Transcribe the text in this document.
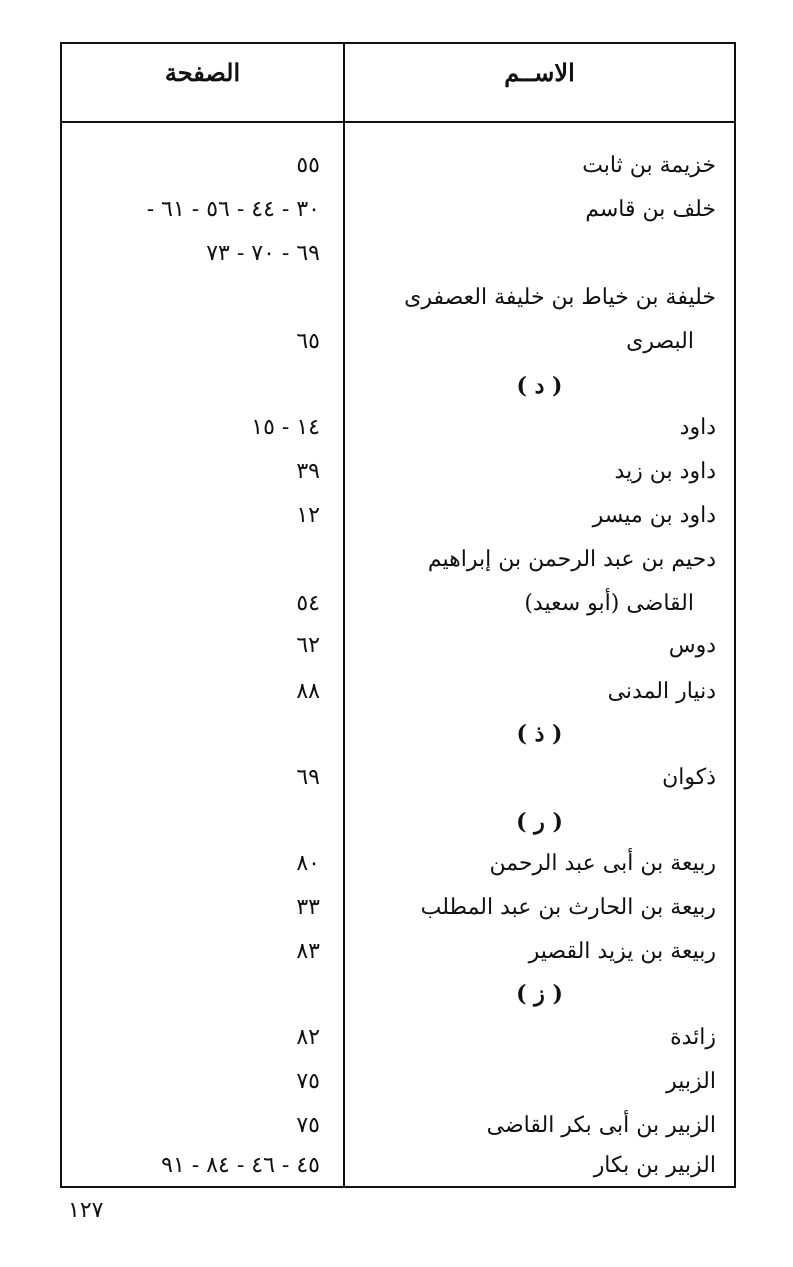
الاســم
الصفحة
خزيمة بن ثابت
٥٥
خلف بن قاسم
٣٠ - ٤٤ - ٥٦ - ٦١ -
٦٩ - ٧٠ - ٧٣
خليفة بن خياط بن خليفة العصفرى
البصرى
٦٥
( د )
داود
١٤ - ١٥
داود بن زيد
٣٩
داود بن ميسر
١٢
دحيم بن عبد الرحمن بن إبراهيم
القاضى (أبو سعيد)
٥٤
دوس
٦٢
دنيار المدنى
٨٨
( ذ )
ذكوان
٦٩
( ر )
ربيعة بن أبى عبد الرحمن
٨٠
ربيعة بن الحارث بن عبد المطلب
٣٣
ربيعة بن يزيد القصير
٨٣
( ز )
زائدة
٨٢
الزبير
٧٥
الزبير بن أبى بكر القاضى
٧٥
الزبير بن بكار
٤٥ - ٤٦ - ٨٤ - ٩١
١٢٧
